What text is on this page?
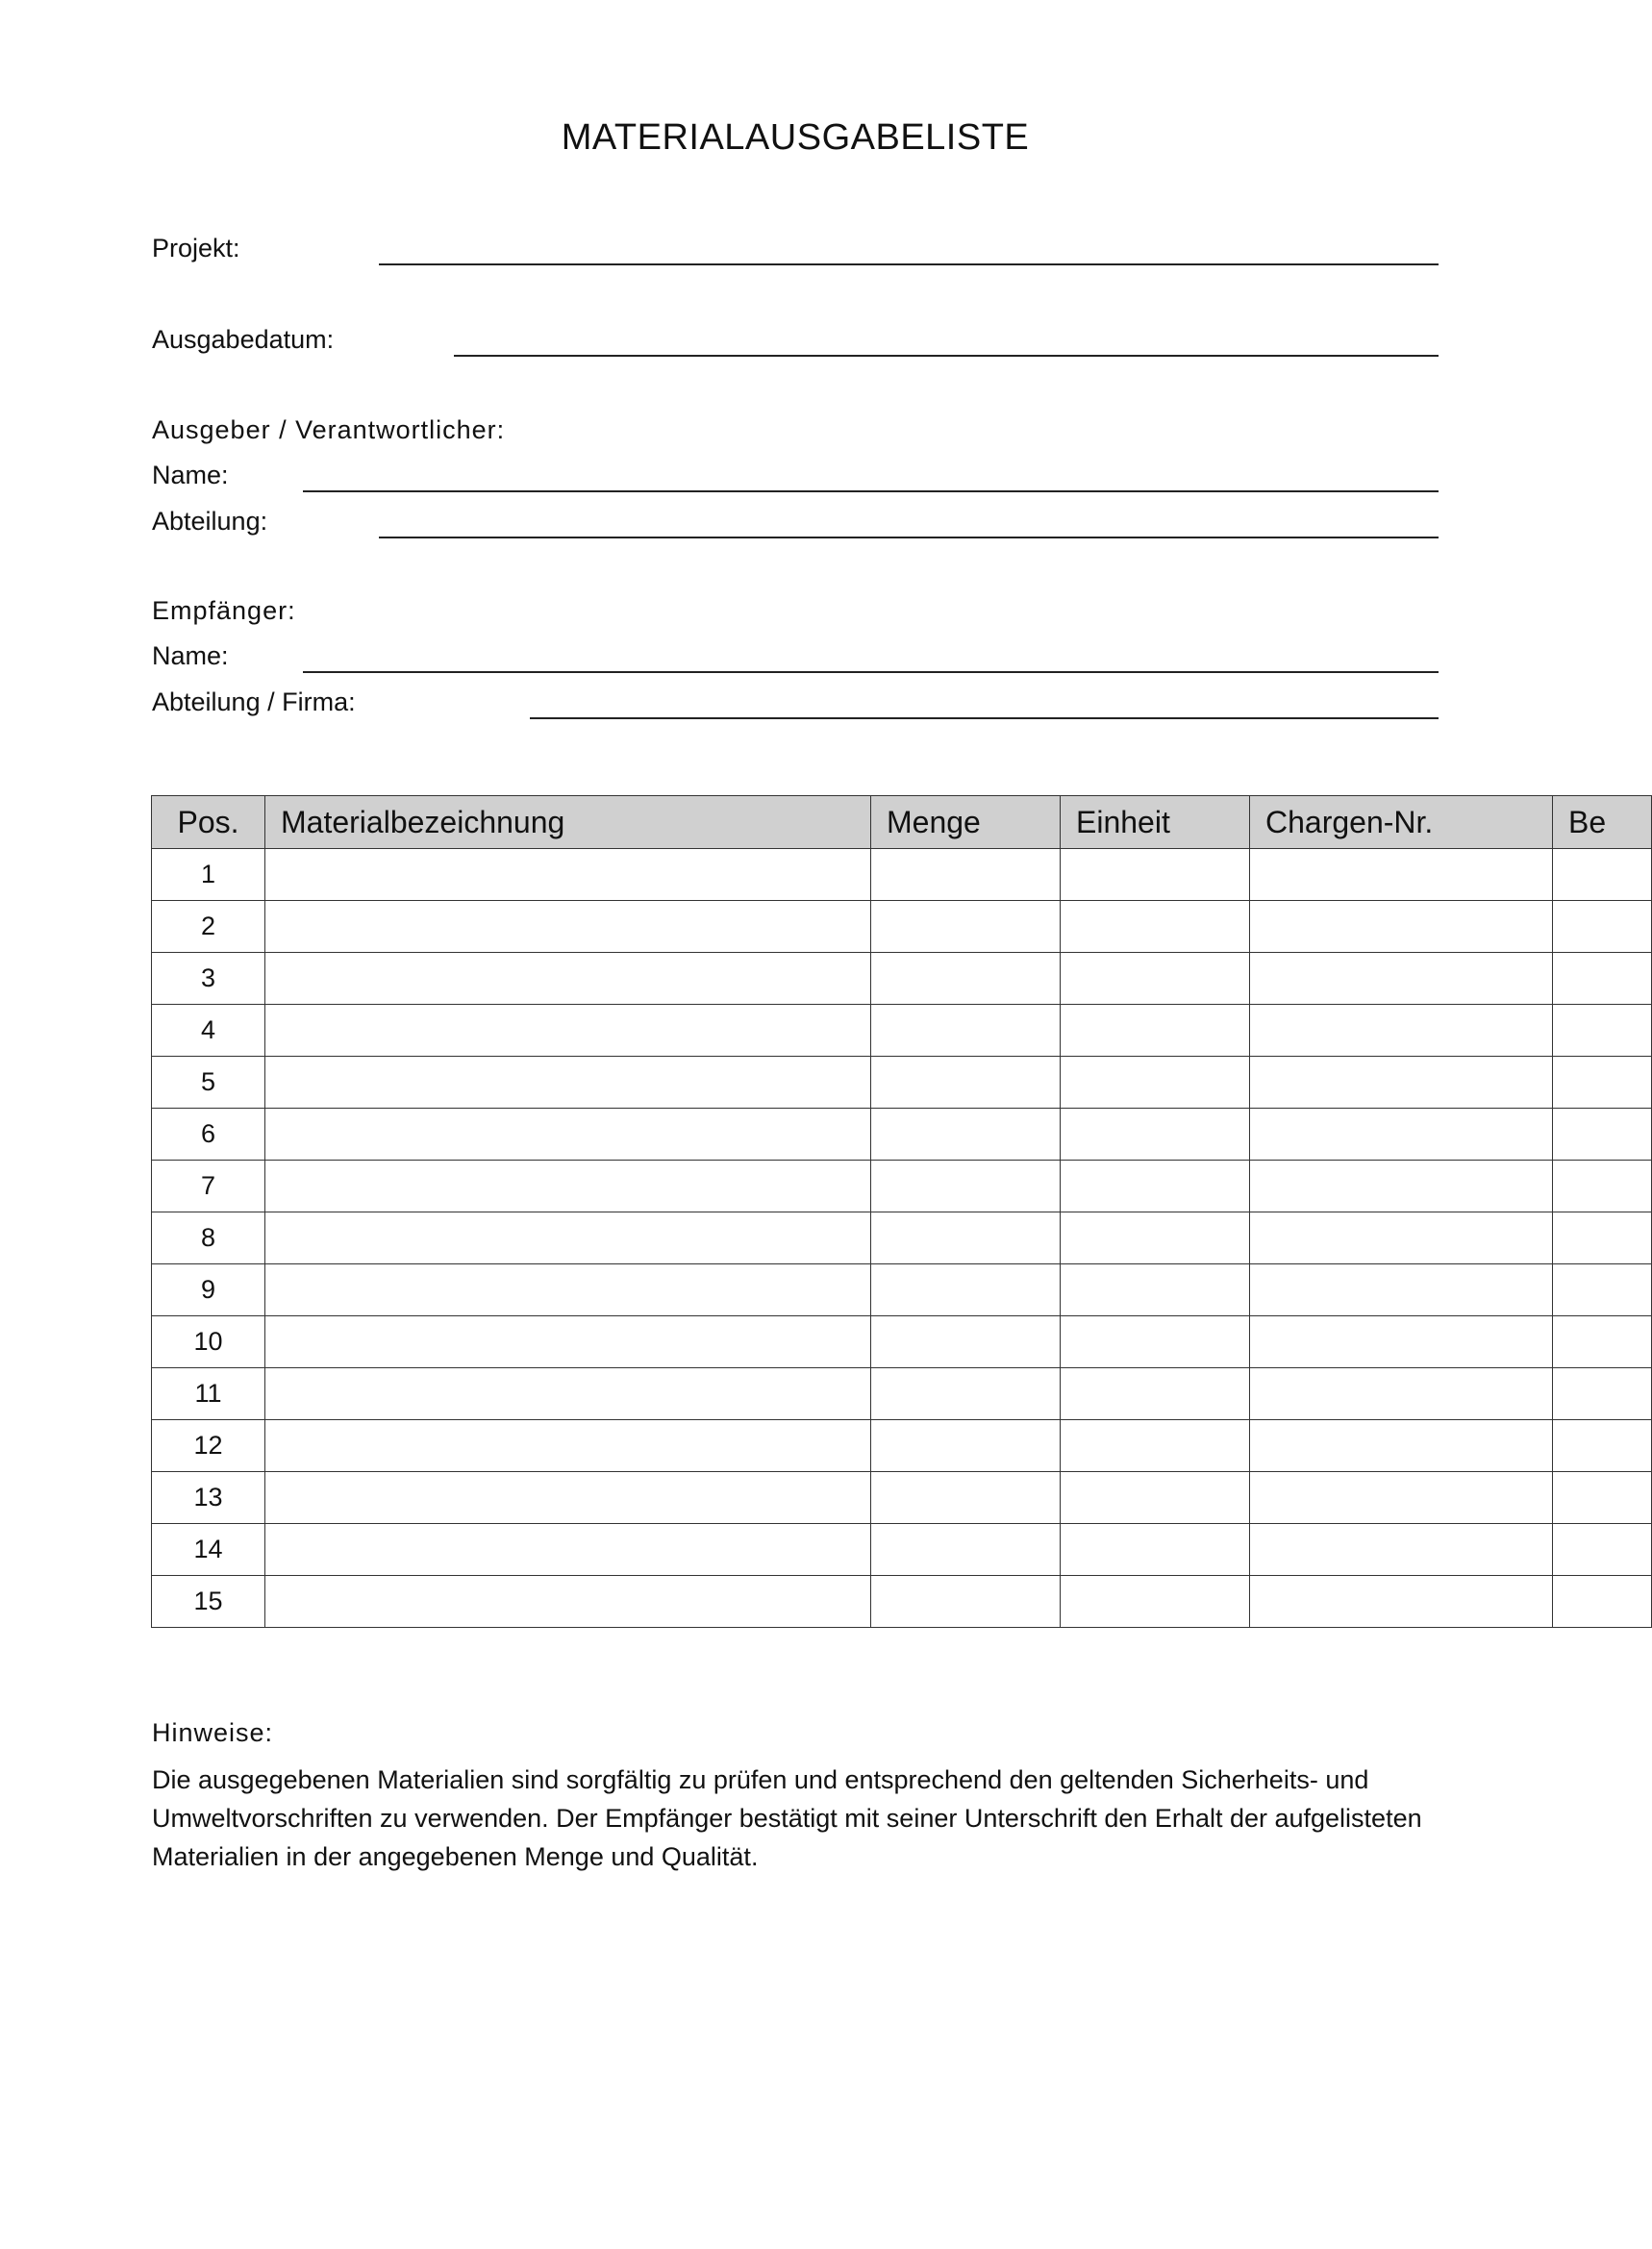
MATERIALAUSGABELISTE
Projekt:
Ausgabedatum:
Ausgeber / Verantwortlicher:
Name:
Abteilung:
Empfänger:
Name:
Abteilung / Firma:
Pos.	Materialbezeichnung	Menge	Einheit	Chargen-Nr.	Be
1					
2					
3					
4					
5					
6					
7					
8					
9					
10					
11					
12					
13					
14					
15					
Hinweise:
Die ausgegebenen Materialien sind sorgfältig zu prüfen und entsprechend den geltenden Sicherheits- und Umweltvorschriften zu verwenden. Der Empfänger bestätigt mit seiner Unterschrift den Erhalt der aufgelisteten Materialien in der angegebenen Menge und Qualität.
